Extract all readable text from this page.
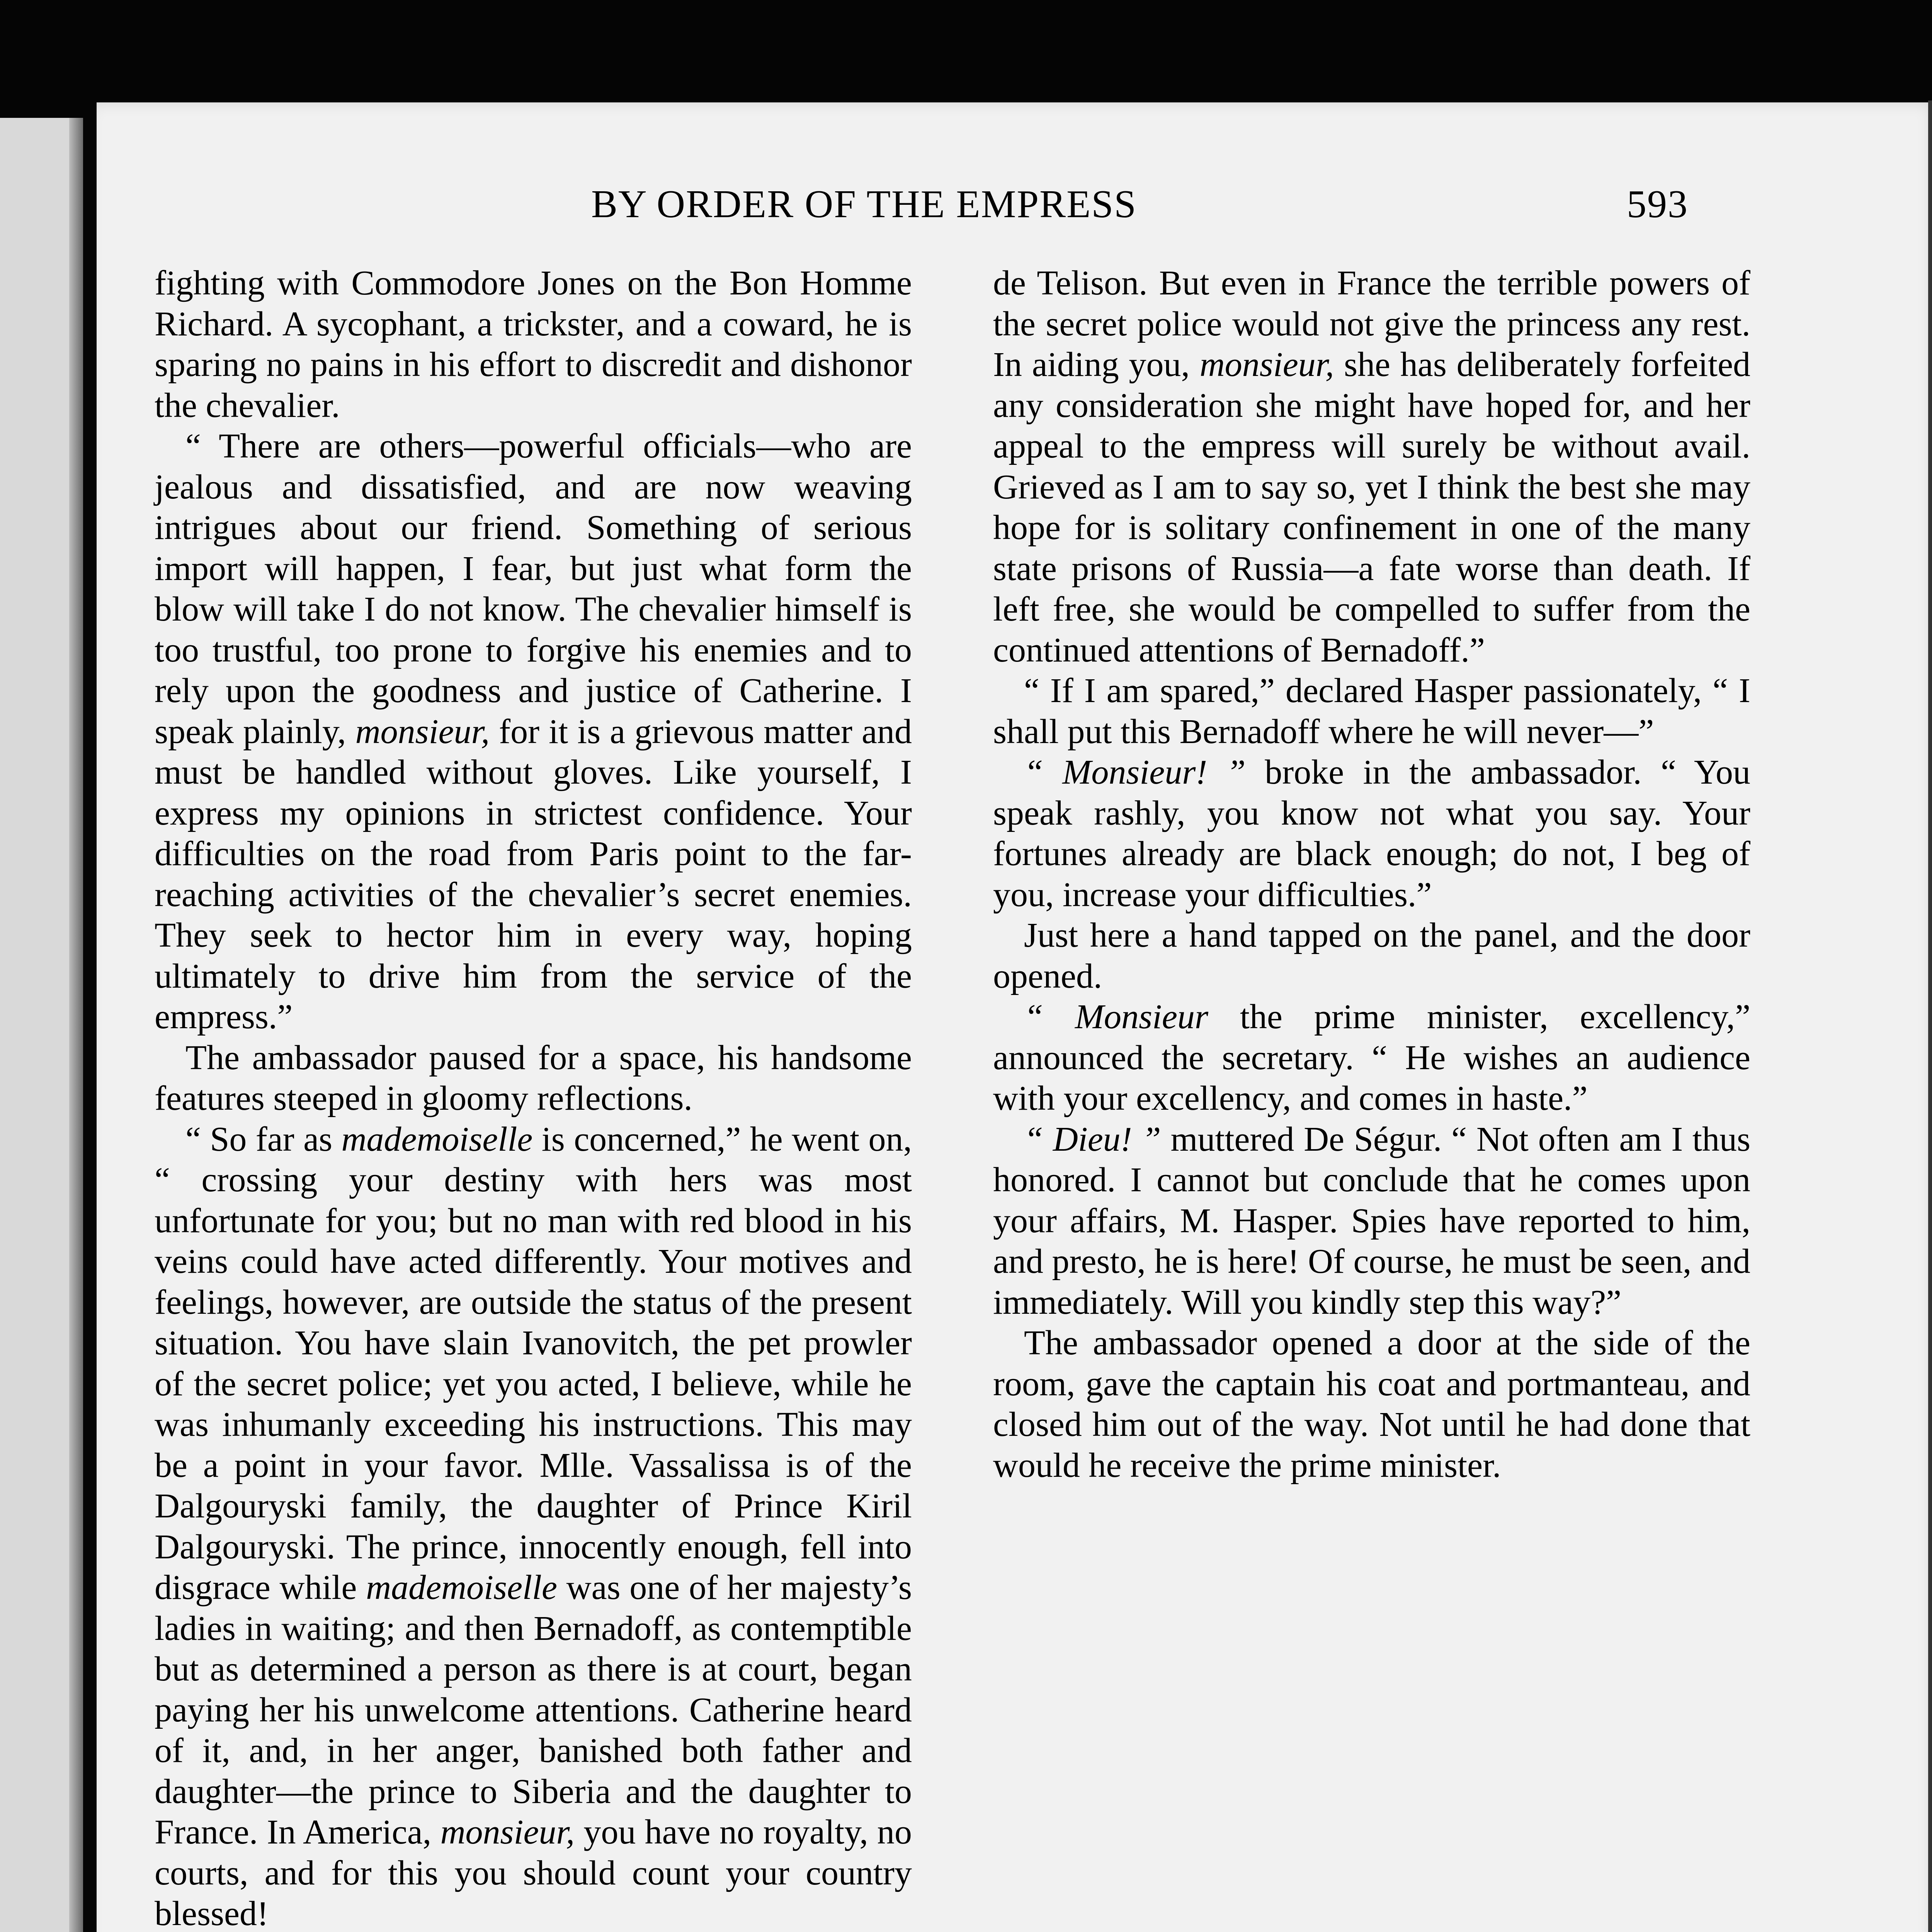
BY ORDER OF THE EMPRESS	593

fighting with Commodore Jones on the Bon Homme Richard. A sycophant, a trickster, and a coward, he is sparing no pains in his effort to discredit and dishonor the chevalier.

“ There are others—powerful officials—who are jealous and dissatisfied, and are now weaving intrigues about our friend. Something of serious import will happen, I fear, but just what form the blow will take I do not know. The chevalier himself is too trustful, too prone to forgive his enemies and to rely upon the goodness and justice of Catherine. I speak plainly, monsieur, for it is a grievous matter and must be handled without gloves. Like yourself, I express my opinions in strictest confidence. Your difficulties on the road from Paris point to the far-reaching activities of the chevalier’s secret enemies. They seek to hector him in every way, hoping ultimately to drive him from the service of the empress.”

The ambassador paused for a space, his handsome features steeped in gloomy reflections.

“ So far as mademoiselle is concerned,” he went on, “ crossing your destiny with hers was most unfortunate for you; but no man with red blood in his veins could have acted differently. Your motives and feelings, however, are outside the status of the present situation. You have slain Ivanovitch, the pet prowler of the secret police; yet you acted, I believe, while he was inhumanly exceeding his instructions. This may be a point in your favor. Mlle. Vassalissa is of the Dalgouryski family, the daughter of Prince Kiril Dalgouryski. The prince, innocently enough, fell into disgrace while mademoiselle was one of her majesty’s ladies in waiting; and then Bernadoff, as contemptible but as determined a person as there is at court, began paying her his unwelcome attentions. Catherine heard of it, and, in her anger, banished both father and daughter—the prince to Siberia and the daughter to France. In America, monsieur, you have no royalty, no courts, and for this you should count your country blessed!

de Telison. But even in France the terrible powers of the secret police would not give the princess any rest. In aiding you, monsieur, she has deliberately forfeited any consideration she might have hoped for, and her appeal to the empress will surely be without avail. Grieved as I am to say so, yet I think the best she may hope for is solitary confinement in one of the many state prisons of Russia—a fate worse than death. If left free, she would be compelled to suffer from the continued attentions of Bernadoff.”

“ If I am spared,” declared Hasper passionately, “ I shall put this Bernadoff where he will never—”

“ Monsieur! ” broke in the ambassador. “ You speak rashly, you know not what you say. Your fortunes already are black enough; do not, I beg of you, increase your difficulties.”

Just here a hand tapped on the panel, and the door opened.

“ Monsieur the prime minister, excellency,” announced the secretary. “ He wishes an audience with your excellency, and comes in haste.”

“ Dieu! ” muttered De Ségur. “ Not often am I thus honored. I cannot but conclude that he comes upon your affairs, M. Hasper. Spies have reported to him, and presto, he is here! Of course, he must be seen, and immediately. Will you kindly step this way?”

The ambassador opened a door at the side of the room, gave the captain his coat and portmanteau, and closed him out of the way. Not until he had done that would he receive the prime minister.
